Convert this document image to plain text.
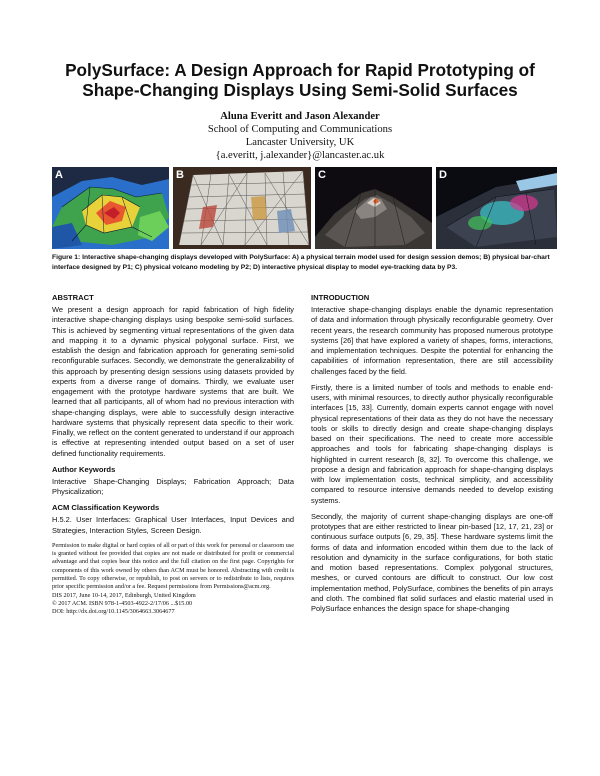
PolySurface: A Design Approach for Rapid Prototyping of
Shape-Changing Displays Using Semi-Solid Surfaces
Aluna Everitt and Jason Alexander
School of Computing and Communications
Lancaster University, UK
{a.everitt, j.alexander}@lancaster.ac.uk
A	B	C	D
Figure 1: Interactive shape-changing displays developed with PolySurface: A) a physical terrain model used for design session demos; B) physical bar-chart interface designed by P1; C) physical volcano modeling by P2; D) interactive physical display to model eye-tracking data by P3.
ABSTRACT

We present a design approach for rapid fabrication of high fidelity interactive shape-changing displays using bespoke semi-solid surfaces. This is achieved by segmenting virtual representations of the given data and mapping it to a dynamic physical polygonal surface. First, we establish the design and fabrication approach for generating semi-solid reconfigurable surfaces. Secondly, we demonstrate the generalizability of this approach by presenting design sessions using datasets provided by experts from a diverse range of domains. Thirdly, we evaluate user engagement with the prototype hardware systems that are built. We learned that all participants, all of whom had no previous interaction with shape-changing displays, were able to successfully design interactive hardware systems that physically represent data specific to their work. Finally, we reflect on the content generated to understand if our approach is effective at representing intended output based on a set of user defined functionality requirements.

Author Keywords

Interactive Shape-Changing Displays; Fabrication Approach; Data Physicalization;

ACM Classification Keywords

H.5.2. User Interfaces: Graphical User Interfaces, Input Devices and Strategies, Interaction Styles, Screen Design.

Permission to make digital or hard copies of all or part of this work for personal or classroom use is granted without fee provided that copies are not made or distributed for profit or commercial advantage and that copies bear this notice and the full citation on the first page. Copyrights for components of this work owned by others than ACM must be honored. Abstracting with credit is permitted. To copy otherwise, or republish, to post on servers or to redistribute to lists, requires prior specific permission and/or a fee. Request permissions from Permissions@acm.org.

DIS 2017, June 10-14, 2017, Edinburgh, United Kingdom

© 2017 ACM. ISBN 978-1-4503-4922-2/17/06 ...$15.00

DOI: http://dx.doi.org/10.1145/3064663.3064677

INTRODUCTION

Interactive shape-changing displays enable the dynamic representation of data and information through physically reconfigurable geometry. Over recent years, the research community has proposed numerous prototype systems [26] that have explored a variety of shapes, forms, interactions, and implementation techniques. Despite the potential for enhancing the capabilities of information representation, there are still accessibility challenges faced by the field.

Firstly, there is a limited number of tools and methods to enable end-users, with minimal resources, to directly author physically reconfigurable interfaces [15, 33]. Currently, domain experts cannot engage with novel physical representations of their data as they do not have the necessary tools or skills to directly design and create shape-changing displays based on their specifications. The need to create more accessible approaches and tools for fabricating shape-changing displays is highlighted in current research [8, 32]. To overcome this challenge, we propose a design and fabrication approach for shape-changing displays with low implementation costs, technical simplicity, and accessibility compared to resource intensive demands needed to develop existing systems.

Secondly, the majority of current shape-changing displays are one-off prototypes that are either restricted to linear pin-based [12, 17, 21, 23] or continuous surface outputs [6, 29, 35]. These hardware systems limit the forms of data and information encoded within them due to the lack of resolution and dynamicity in the surface configurations, for both static and motion based representations. Complex polygonal structures, meshes, or curved contours are difficult to construct. Our low cost implementation method, PolySurface, combines the benefits of pin arrays and cloth. The combined flat solid surfaces and elastic material used in PolySurface enhances the design space for shape-changing
